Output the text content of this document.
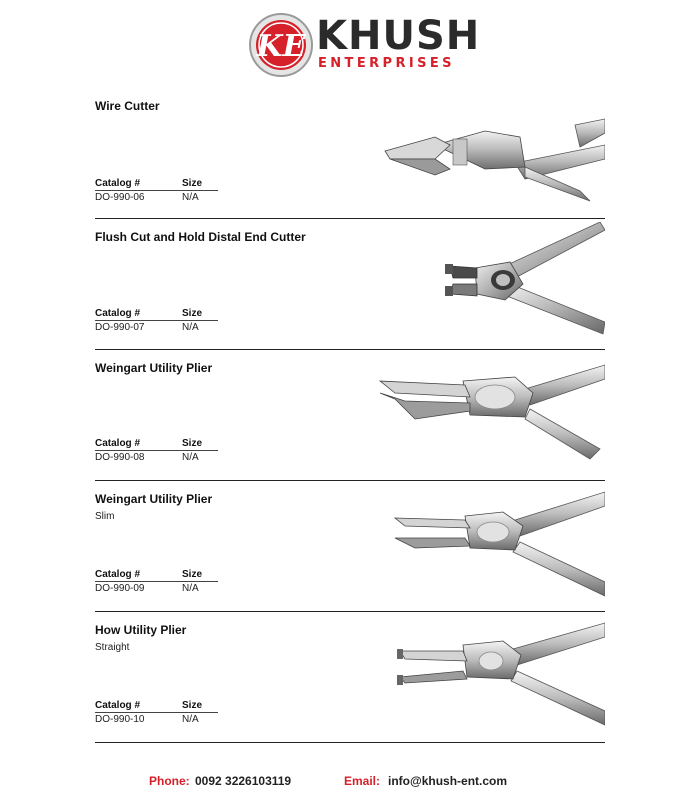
KE KHUSH
ENTERPRISES
Wire Cutter
Catalog #	Size
DO-990-06	N/A
Flush Cut and Hold Distal End Cutter
Catalog #	Size
DO-990-07	N/A
Weingart Utility Plier
Catalog #	Size
DO-990-08	N/A
Weingart Utility Plier
Slim
Catalog #	Size
DO-990-09	N/A
How Utility Plier
Straight
Catalog #	Size
DO-990-10	N/A
Phone: 0092 3226103119	Email: info@khush-ent.com
